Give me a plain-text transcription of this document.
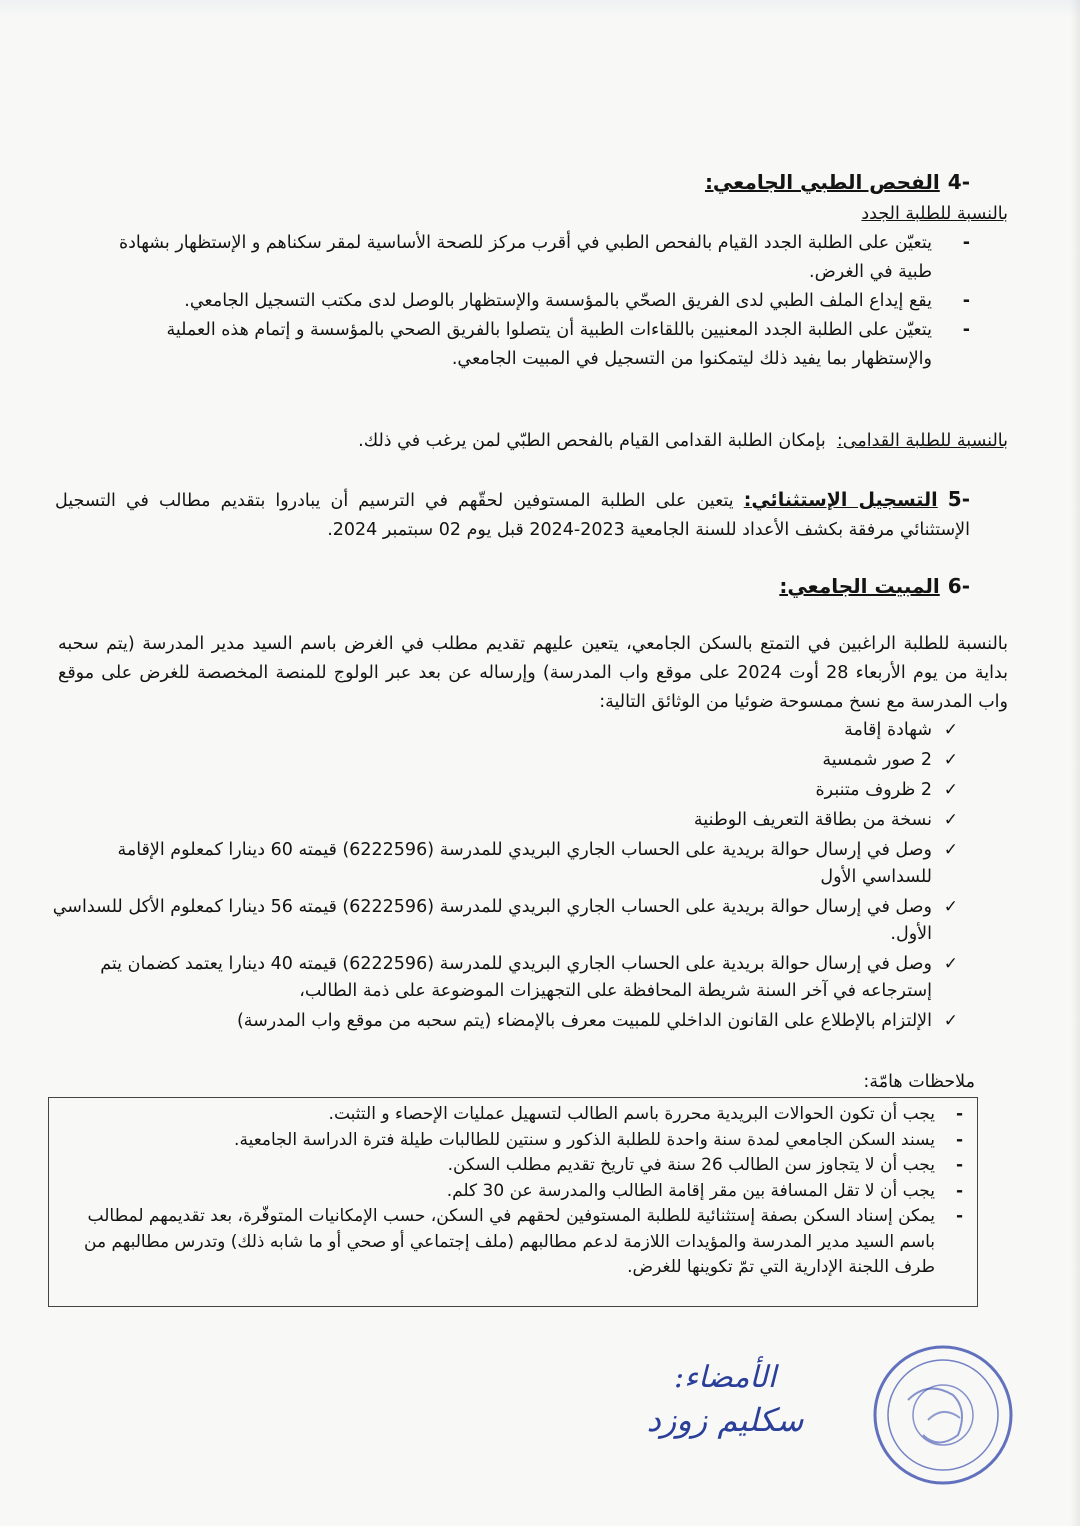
-4الفحص الطبي الجامعي:
بالنسبة للطلبة الجدد
- يتعيّن على الطلبة الجدد القيام بالفحص الطبي في أقرب مركز للصحة الأساسية لمقر سكناهم و الإستظهار بشهادة طبية في الغرض.
- يقع إيداع الملف الطبي لدى الفريق الصحّي بالمؤسسة والإستظهار بالوصل لدى مكتب التسجيل الجامعي.
- يتعيّن على الطلبة الجدد المعنيين باللقاءات الطبية أن يتصلوا بالفريق الصحي بالمؤسسة و إتمام هذه العملية والإستظهار بما يفيد ذلك ليتمكنوا من التسجيل في المبيت الجامعي.
بالنسبة للطلبة القدامى:  بإمكان الطلبة القدامى القيام بالفحص الطبّي لمن يرغب في ذلك.
-5 التسجيل الإستثنائي: يتعين على الطلبة المستوفين لحقّهم في الترسيم أن يبادروا بتقديم مطالب في التسجيل الإستثنائي مرفقة بكشف الأعداد للسنة الجامعية 2023-2024 قبل يوم 02 سبتمبر 2024.
-6المبيت الجامعي:
بالنسبة للطلبة الراغبين في التمتع بالسكن الجامعي، يتعين عليهم تقديم مطلب في الغرض باسم السيد مدير المدرسة (يتم سحبه بداية من يوم الأربعاء 28 أوت 2024 على موقع واب المدرسة) وإرساله عن بعد عبر الولوج للمنصة المخصصة للغرض على موقع واب المدرسة مع نسخ ممسوحة ضوئيا من الوثائق التالية:
✓ شهادة إقامة
✓ 2 صور شمسية
✓ 2 ظروف متنبرة
✓ نسخة من بطاقة التعريف الوطنية
✓ وصل في إرسال حوالة بريدية على الحساب الجاري البريدي للمدرسة (6222596) قيمته 60 دينارا كمعلوم الإقامة للسداسي الأول
✓ وصل في إرسال حوالة بريدية على الحساب الجاري البريدي للمدرسة (6222596) قيمته 56 دينارا كمعلوم الأكل للسداسي الأول.
✓ وصل في إرسال حوالة بريدية على الحساب الجاري البريدي للمدرسة (6222596) قيمته 40 دينارا يعتمد كضمان يتم إسترجاعه في آخر السنة شريطة المحافظة على التجهيزات الموضوعة على ذمة الطالب،
✓ الإلتزام بالإطلاع على القانون الداخلي للمبيت معرف بالإمضاء (يتم سحبه من موقع واب المدرسة)
ملاحظات هامّة:
- يجب أن تكون الحوالات البريدية محررة باسم الطالب لتسهيل عمليات الإحصاء و التثبت.
- يسند السكن الجامعي لمدة سنة واحدة للطلبة الذكور و سنتين للطالبات طيلة فترة الدراسة الجامعية.
- يجب أن لا يتجاوز سن الطالب 26 سنة في تاريخ تقديم مطلب السكن.
- يجب أن لا تقل المسافة بين مقر إقامة الطالب والمدرسة عن 30 كلم.
- يمكن إسناد السكن بصفة إستثنائية للطلبة المستوفين لحقهم في السكن، حسب الإمكانيات المتوفّرة، بعد تقديمهم لمطالب باسم السيد مدير المدرسة والمؤيدات اللازمة لدعم مطالبهم (ملف إجتماعي أو صحي أو ما شابه ذلك) وتدرس مطالبهم من طرف اللجنة الإدارية التي تمّ تكوينها للغرض.
الأمضاء:
سكليم زوزد
